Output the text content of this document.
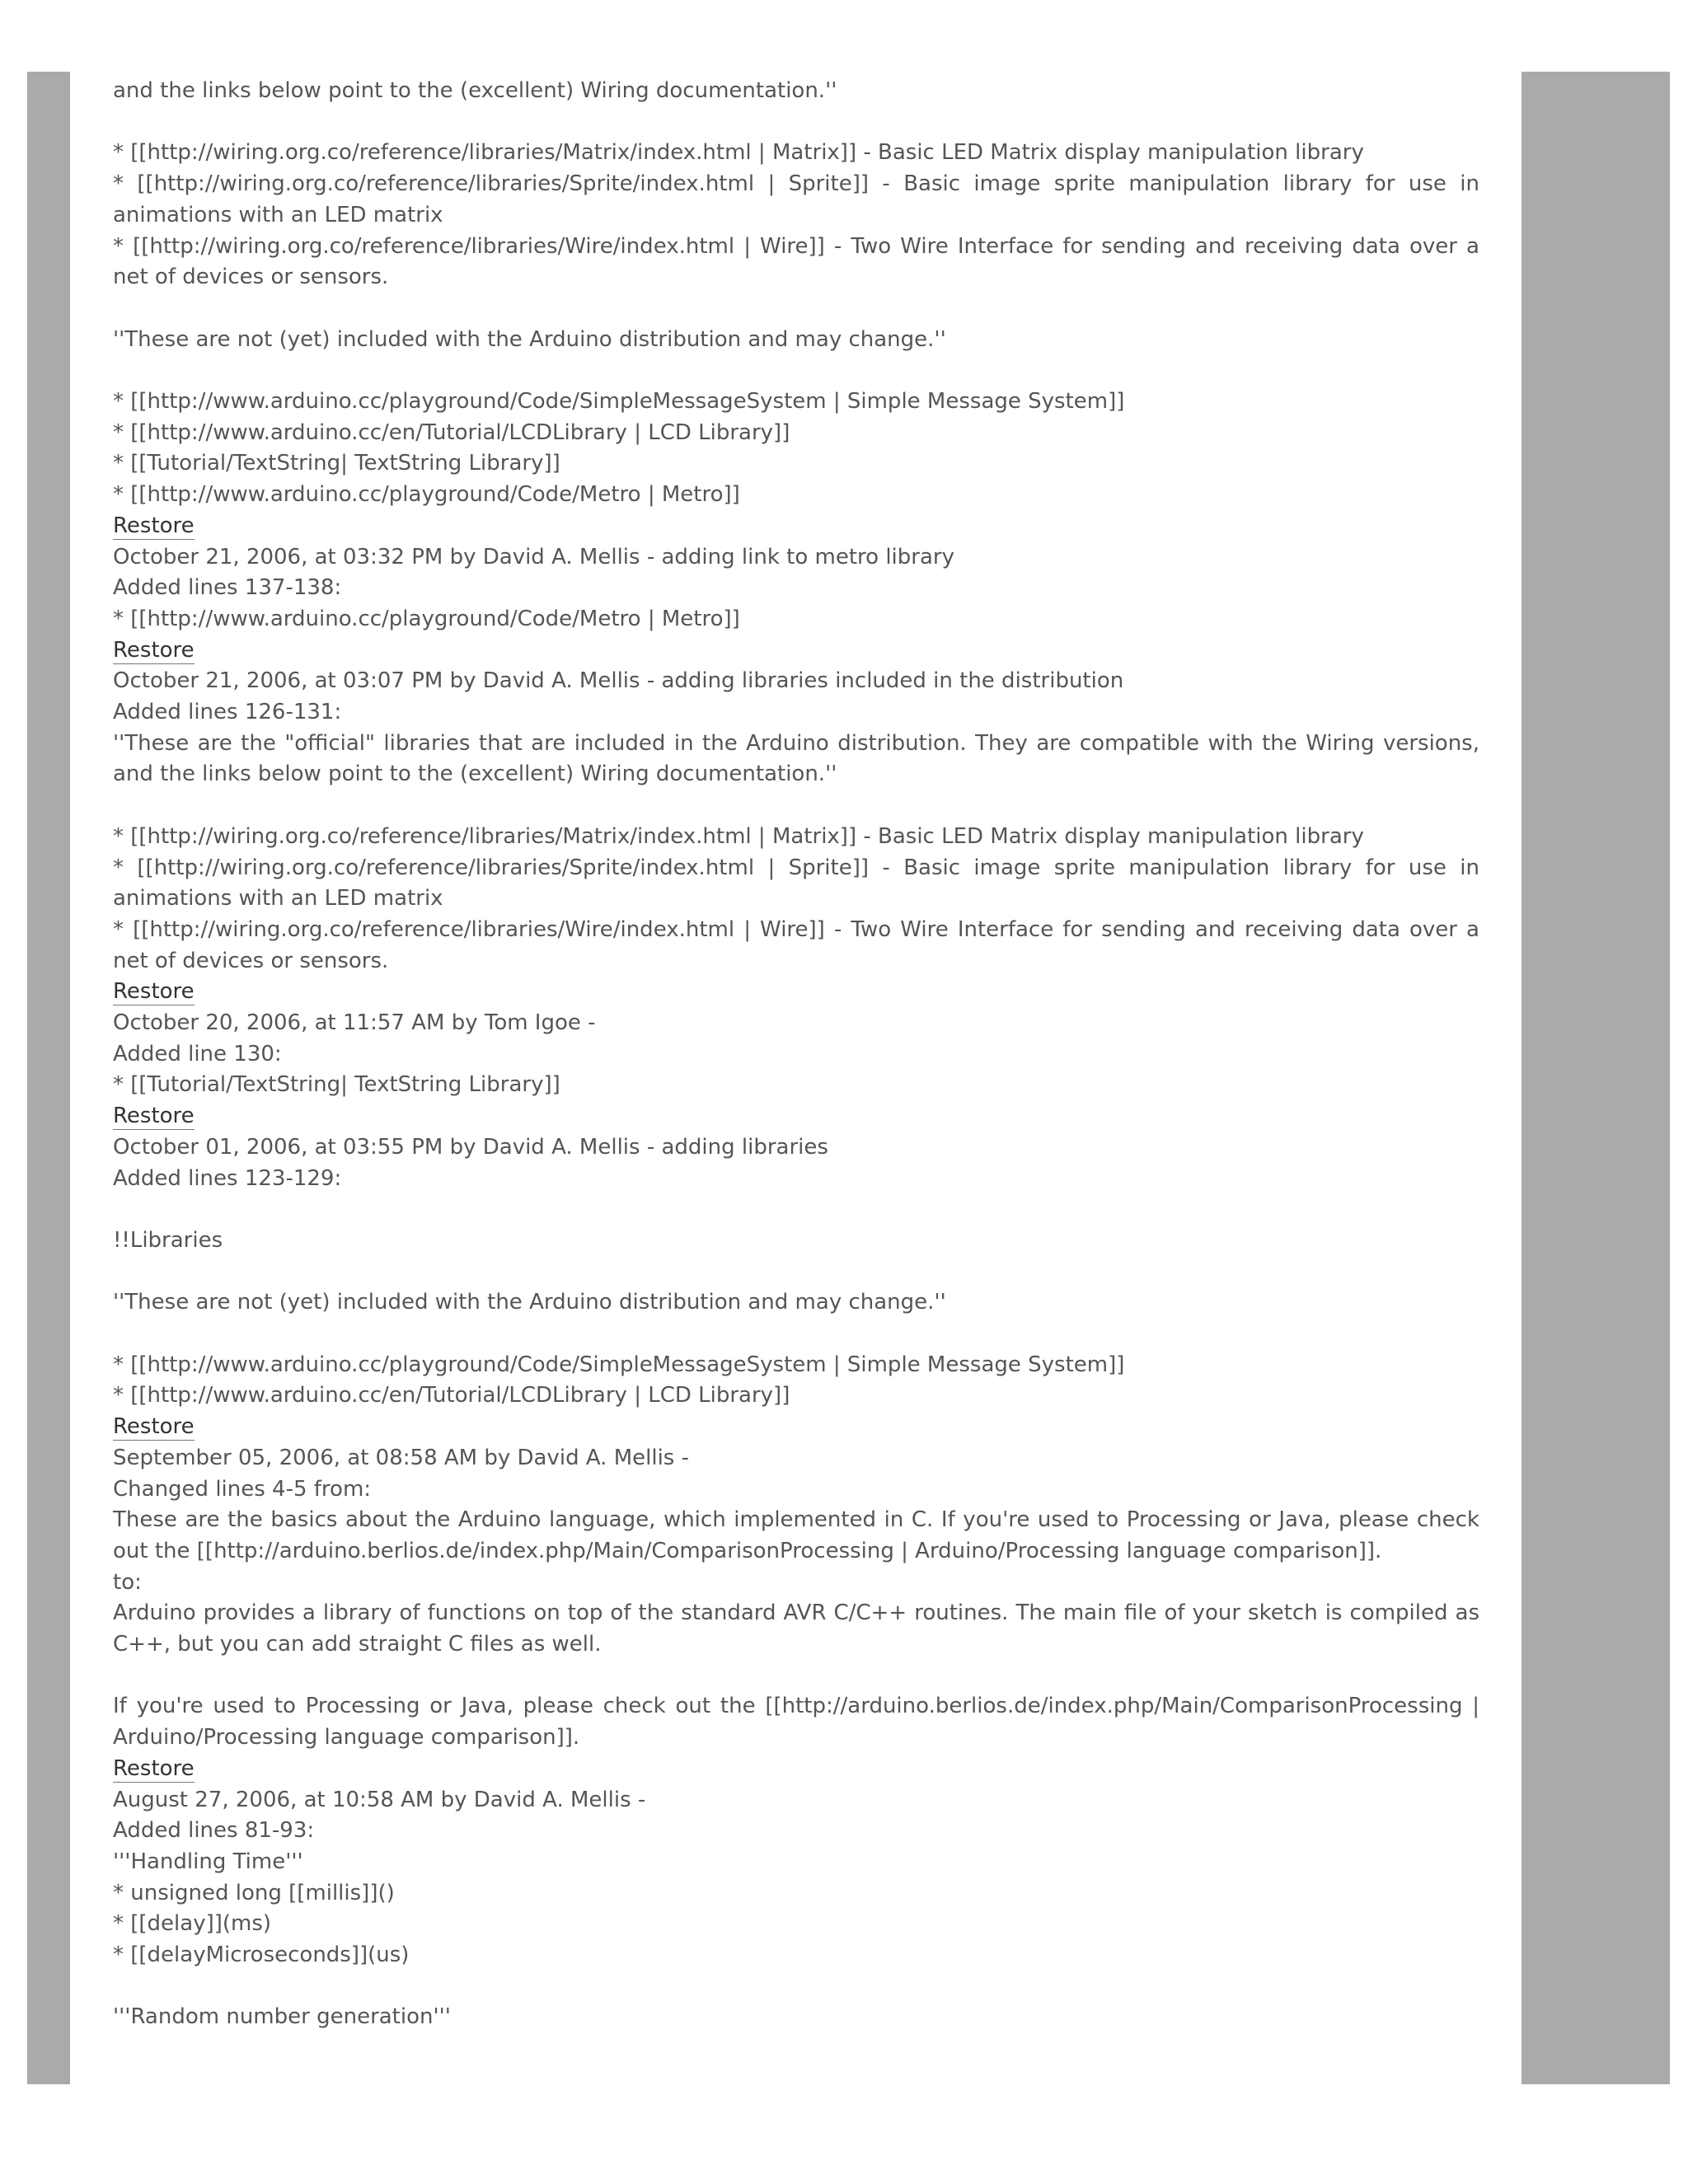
and the links below point to the (excellent) Wiring documentation.''

* [[http://wiring.org.co/reference/libraries/Matrix/index.html | Matrix]] - Basic LED Matrix display manipulation library

* [[http://wiring.org.co/reference/libraries/Sprite/index.html | Sprite]] - Basic image sprite manipulation library for use in animations with an LED matrix

* [[http://wiring.org.co/reference/libraries/Wire/index.html | Wire]] - Two Wire Interface for sending and receiving data over a net of devices or sensors.

''These are not (yet) included with the Arduino distribution and may change.''

* [[http://www.arduino.cc/playground/Code/SimpleMessageSystem | Simple Message System]]

* [[http://www.arduino.cc/en/Tutorial/LCDLibrary | LCD Library]]

* [[Tutorial/TextString| TextString Library]]

* [[http://www.arduino.cc/playground/Code/Metro | Metro]]

Restore

October 21, 2006, at 03:32 PM by David A. Mellis - adding link to metro library

Added lines 137-138:

* [[http://www.arduino.cc/playground/Code/Metro | Metro]]

Restore

October 21, 2006, at 03:07 PM by David A. Mellis - adding libraries included in the distribution

Added lines 126-131:

''These are the "official" libraries that are included in the Arduino distribution. They are compatible with the Wiring versions, and the links below point to the (excellent) Wiring documentation.''

* [[http://wiring.org.co/reference/libraries/Matrix/index.html | Matrix]] - Basic LED Matrix display manipulation library

* [[http://wiring.org.co/reference/libraries/Sprite/index.html | Sprite]] - Basic image sprite manipulation library for use in animations with an LED matrix

* [[http://wiring.org.co/reference/libraries/Wire/index.html | Wire]] - Two Wire Interface for sending and receiving data over a net of devices or sensors.

Restore

October 20, 2006, at 11:57 AM by Tom Igoe -

Added line 130:

* [[Tutorial/TextString| TextString Library]]

Restore

October 01, 2006, at 03:55 PM by David A. Mellis - adding libraries

Added lines 123-129:

!!Libraries

''These are not (yet) included with the Arduino distribution and may change.''

* [[http://www.arduino.cc/playground/Code/SimpleMessageSystem | Simple Message System]]

* [[http://www.arduino.cc/en/Tutorial/LCDLibrary | LCD Library]]

Restore

September 05, 2006, at 08:58 AM by David A. Mellis -

Changed lines 4-5 from:

These are the basics about the Arduino language, which implemented in C. If you're used to Processing or Java, please check out the [[http://arduino.berlios.de/index.php/Main/ComparisonProcessing | Arduino/Processing language comparison]].

to:

Arduino provides a library of functions on top of the standard AVR C/C++ routines. The main file of your sketch is compiled as C++, but you can add straight C files as well.

If you're used to Processing or Java, please check out the [[http://arduino.berlios.de/index.php/Main/ComparisonProcessing | Arduino/Processing language comparison]].

Restore

August 27, 2006, at 10:58 AM by David A. Mellis -

Added lines 81-93:

'''Handling Time'''

* unsigned long [[millis]]()

* [[delay]](ms)

* [[delayMicroseconds]](us)

'''Random number generation'''
